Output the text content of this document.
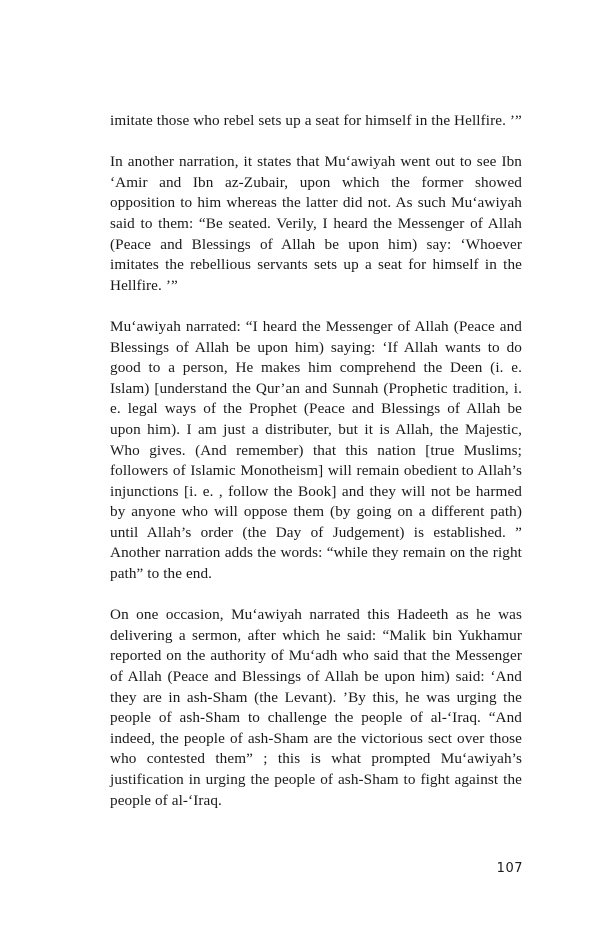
imitate those who rebel sets up a seat for himself in the Hellfire. ’”

In another narration, it states that Mu‘awiyah went out to see Ibn ‘Amir and Ibn az-Zubair, upon which the former showed opposition to him whereas the latter did not. As such Mu‘awiyah said to them: “Be seated. Verily, I heard the Messenger of Allah (Peace and Blessings of Allah be upon him) say: ‘Whoever imitates the rebellious servants sets up a seat for himself in the Hellfire. ’”

Mu‘awiyah narrated: “I heard the Messenger of Allah (Peace and Blessings of Allah be upon him) saying: ‘If Allah wants to do good to a person, He makes him comprehend the Deen (i. e. Islam) [understand the Qur’an and Sunnah (Prophetic tradition, i. e. legal ways of the Prophet (Peace and Blessings of Allah be upon him). I am just a distributer, but it is Allah, the Majestic, Who gives. (And remember) that this nation [true Muslims; followers of Islamic Monotheism] will remain obedient to Allah’s injunctions [i. e. , follow the Book] and they will not be harmed by anyone who will oppose them (by going on a different path) until Allah’s order (the Day of Judgement) is established. ” Another narration adds the words: “while they remain on the right path” to the end.

On one occasion, Mu‘awiyah narrated this Hadeeth as he was delivering a sermon, after which he said: “Malik bin Yukhamur reported on the authority of Mu‘adh who said that the Messenger of Allah (Peace and Blessings of Allah be upon him) said: ‘And they are in ash-Sham (the Levant). ’By this, he was urging the people of ash-Sham to challenge the people of al-‘Iraq. “And indeed, the people of ash-Sham are the victorious sect over those who contested them” ; this is what prompted Mu‘awiyah’s justification in urging the people of ash-Sham to fight against the people of al-‘Iraq.

107
